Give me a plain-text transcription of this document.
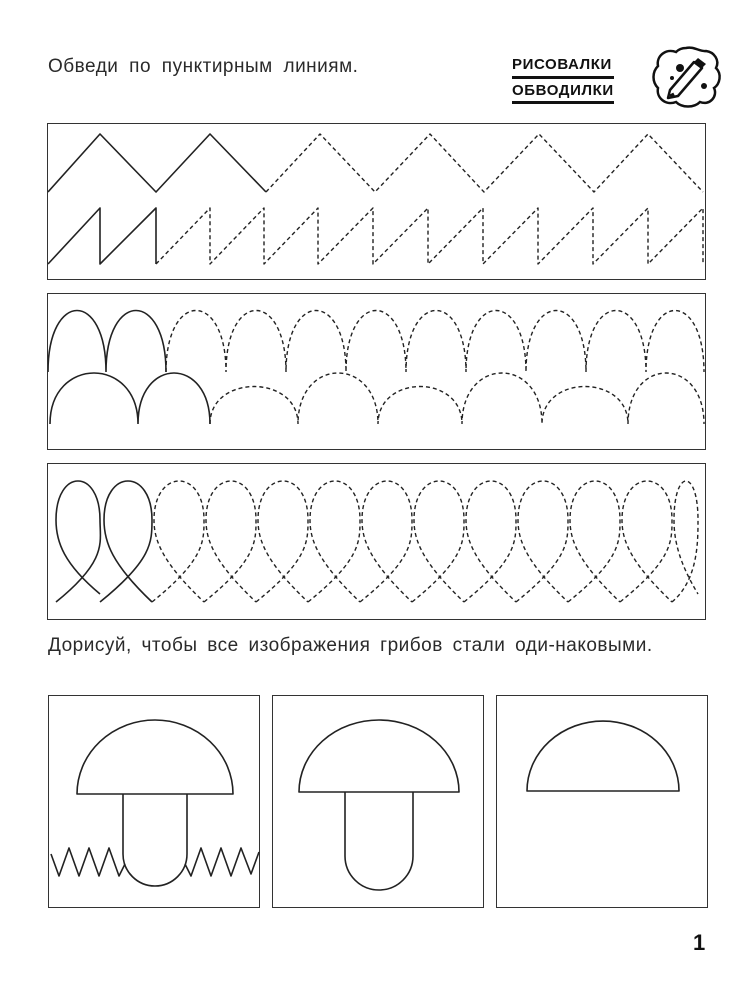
Обведи по пунктирным линиям.	РИСОВАЛКИ
ОБВОДИЛКИ
Дорисуй, чтобы все изображения грибов стали оди-наковыми.
1
